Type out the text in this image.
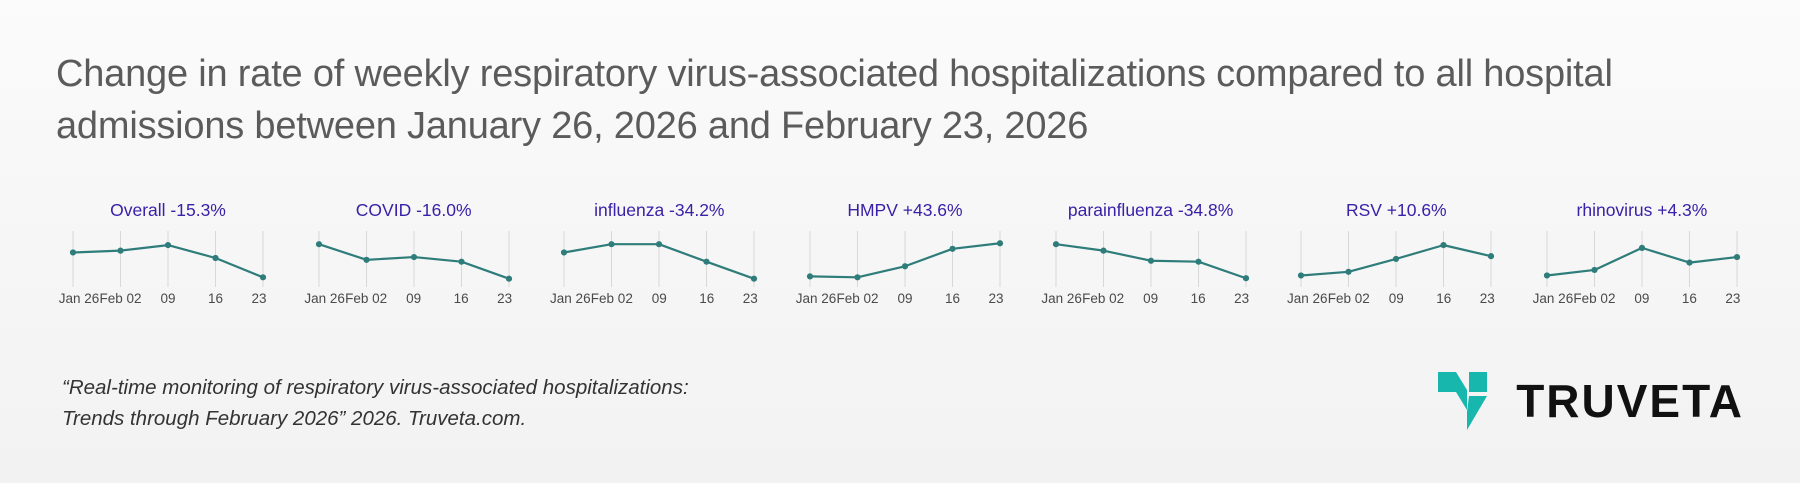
Change in rate of weekly respiratory virus-associated hospitalizations compared to all hospital admissions between January 26, 2026 and February 23, 2026
Overall -15.3%
Jan 26 Feb 02 09 16 23
COVID -16.0%
Jan 26 Feb 02 09 16 23
influenza -34.2%
Jan 26 Feb 02 09 16 23
HMPV +43.6%
Jan 26 Feb 02 09 16 23
parainfluenza -34.8%
Jan 26 Feb 02 09 16 23
RSV +10.6%
Jan 26 Feb 02 09 16 23
rhinovirus +4.3%
Jan 26 Feb 02 09 16 23
“Real-time monitoring of respiratory virus-associated hospitalizations:
Trends through February 2026” 2026. Truveta.com.	TRUVETA
